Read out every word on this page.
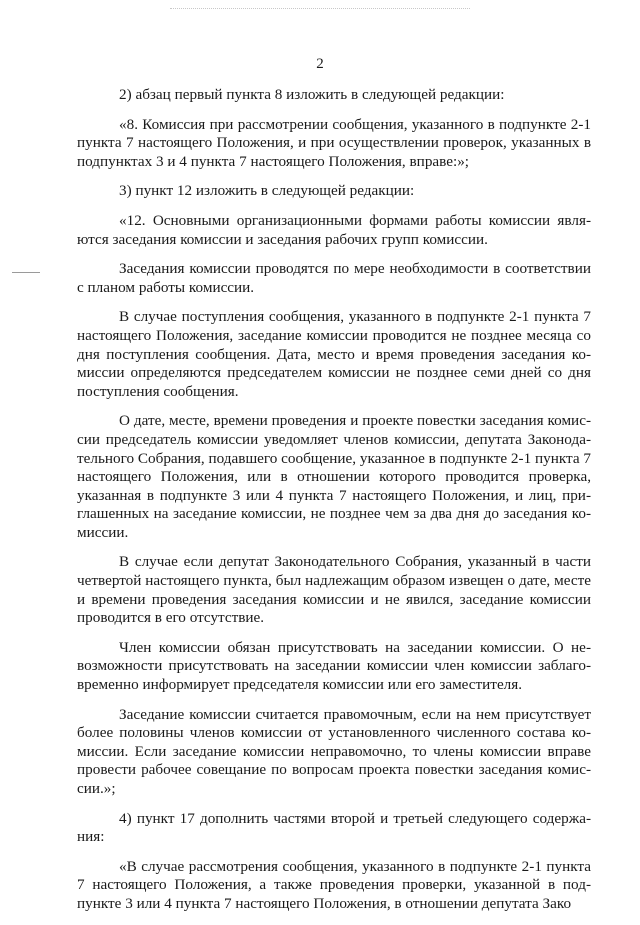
2

2) абзац первый пункта 8 изложить в следующей редакции:

«8. Комиссия при рассмотрении сообщения, указанного в подпункте 2-1 пункта 7 настоящего Положения, и при осуществлении проверок, указанных в подпунктах 3 и 4 пункта 7 настоящего Положения, вправе:»;

3) пункт 12 изложить в следующей редакции:

«12. Основными организационными формами работы комиссии являются заседания комиссии и заседания рабочих групп комиссии.

Заседания комиссии проводятся по мере необходимости в соответствии с планом работы комиссии.

В случае поступления сообщения, указанного в подпункте 2-1 пункта 7 настоящего Положения, заседание комиссии проводится не позднее месяца со дня поступления сообщения. Дата, место и время проведения заседания комиссии определяются председателем комиссии не позднее семи дней со дня поступления сообщения.

О дате, месте, времени проведения и проекте повестки заседания комиссии председатель комиссии уведомляет членов комиссии, депутата Законодательного Собрания, подавшего сообщение, указанное в подпункте 2-1 пункта 7 настоящего Положения, или в отношении которого проводится проверка, указанная в подпункте 3 или 4 пункта 7 настоящего Положения, и лиц, приглашенных на заседание комиссии, не позднее чем за два дня до заседания комиссии.

В случае если депутат Законодательного Собрания, указанный в части четвертой настоящего пункта, был надлежащим образом извещен о дате, месте и времени проведения заседания комиссии и не явился, заседание комиссии проводится в его отсутствие.

Член комиссии обязан присутствовать на заседании комиссии. О невозможности присутствовать на заседании комиссии член комиссии заблаговременно информирует председателя комиссии или его заместителя.

Заседание комиссии считается правомочным, если на нем присутствует более половины членов комиссии от установленного численного состава комиссии. Если заседание комиссии неправомочно, то члены комиссии вправе провести рабочее совещание по вопросам проекта повестки заседания комиссии.»;

4) пункт 17 дополнить частями второй и третьей следующего содержания:

«В случае рассмотрения сообщения, указанного в подпункте 2-1 пункта 7 настоящего Положения, а также проведения проверки, указанной в подпункте 3 или 4 пункта 7 настоящего Положения, в отношении депутата Зако
